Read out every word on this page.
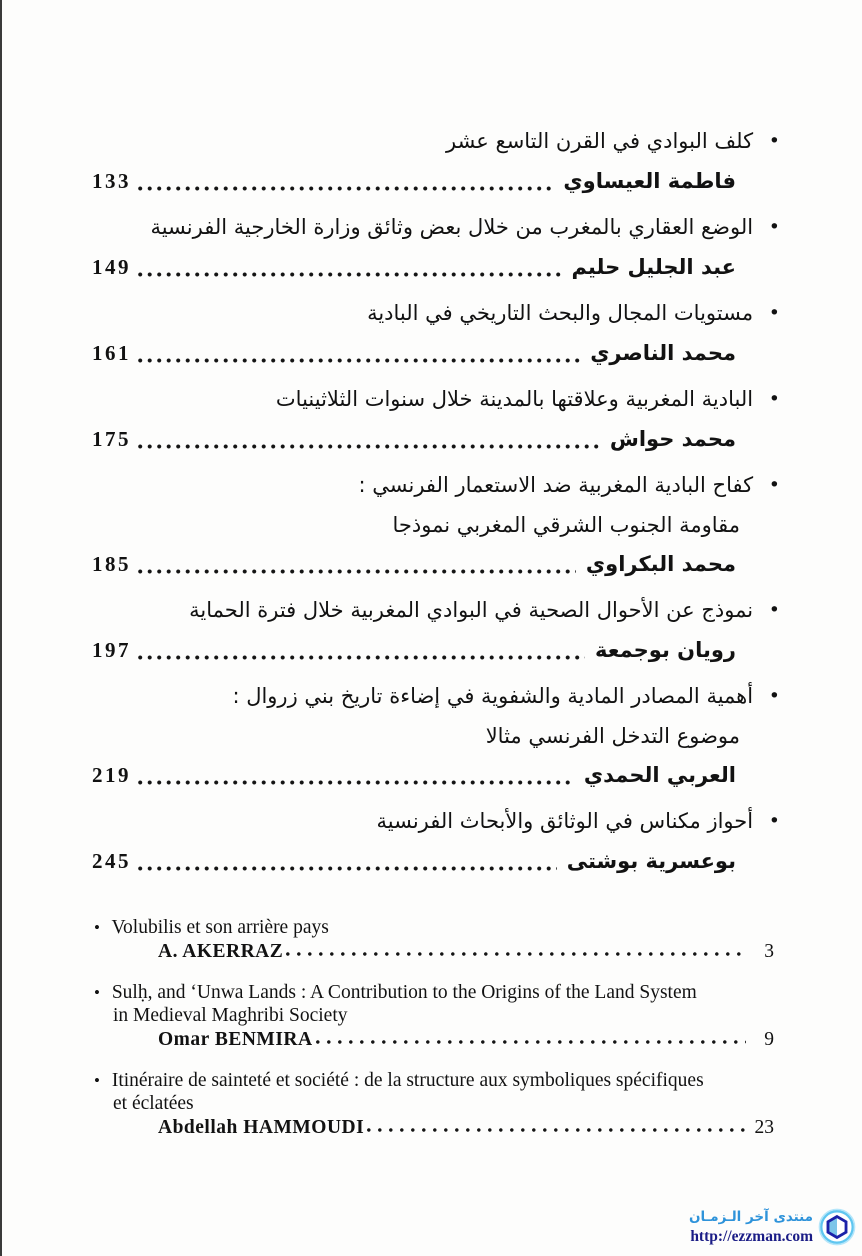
• كلف البوادي في القرن التاسع عشر
فاطمة العيساوي
133
• الوضع العقاري بالمغرب من خلال بعض وثائق وزارة الخارجية الفرنسية
عبد الجليل حليم
149
• مستويات المجال والبحث التاريخي في البادية
محمد الناصري
161
• البادية المغربية وعلاقتها بالمدينة خلال سنوات الثلاثينيات
محمد حواش
175
• كفاح البادية المغربية ضد الاستعمار الفرنسي :
مقاومة الجنوب الشرقي المغربي نموذجا
محمد البكراوي
185
• نموذج عن الأحوال الصحية في البوادي المغربية خلال فترة الحماية
رويان بوجمعة
197
• أهمية المصادر المادية والشفوية في إضاءة تاريخ بني زروال :
موضوع التدخل الفرنسي مثالا
العربي الحمدي
219
• أحواز مكناس في الوثائق والأبحاث الفرنسية
بوعسرية بوشتى
245
• Volubilis et son arrière pays
A. AKERRAZ	3
• Sulḥ, and ‘Unwa Lands : A Contribution to the Origins of the Land System
in Medieval Maghribi Society
Omar BENMIRA	9
• Itinéraire de sainteté et société : de la structure aux symboliques spécifiques
et éclatées
Abdellah HAMMOUDI	23
منتدى آخر الـزمـان
http://ezzman.com
